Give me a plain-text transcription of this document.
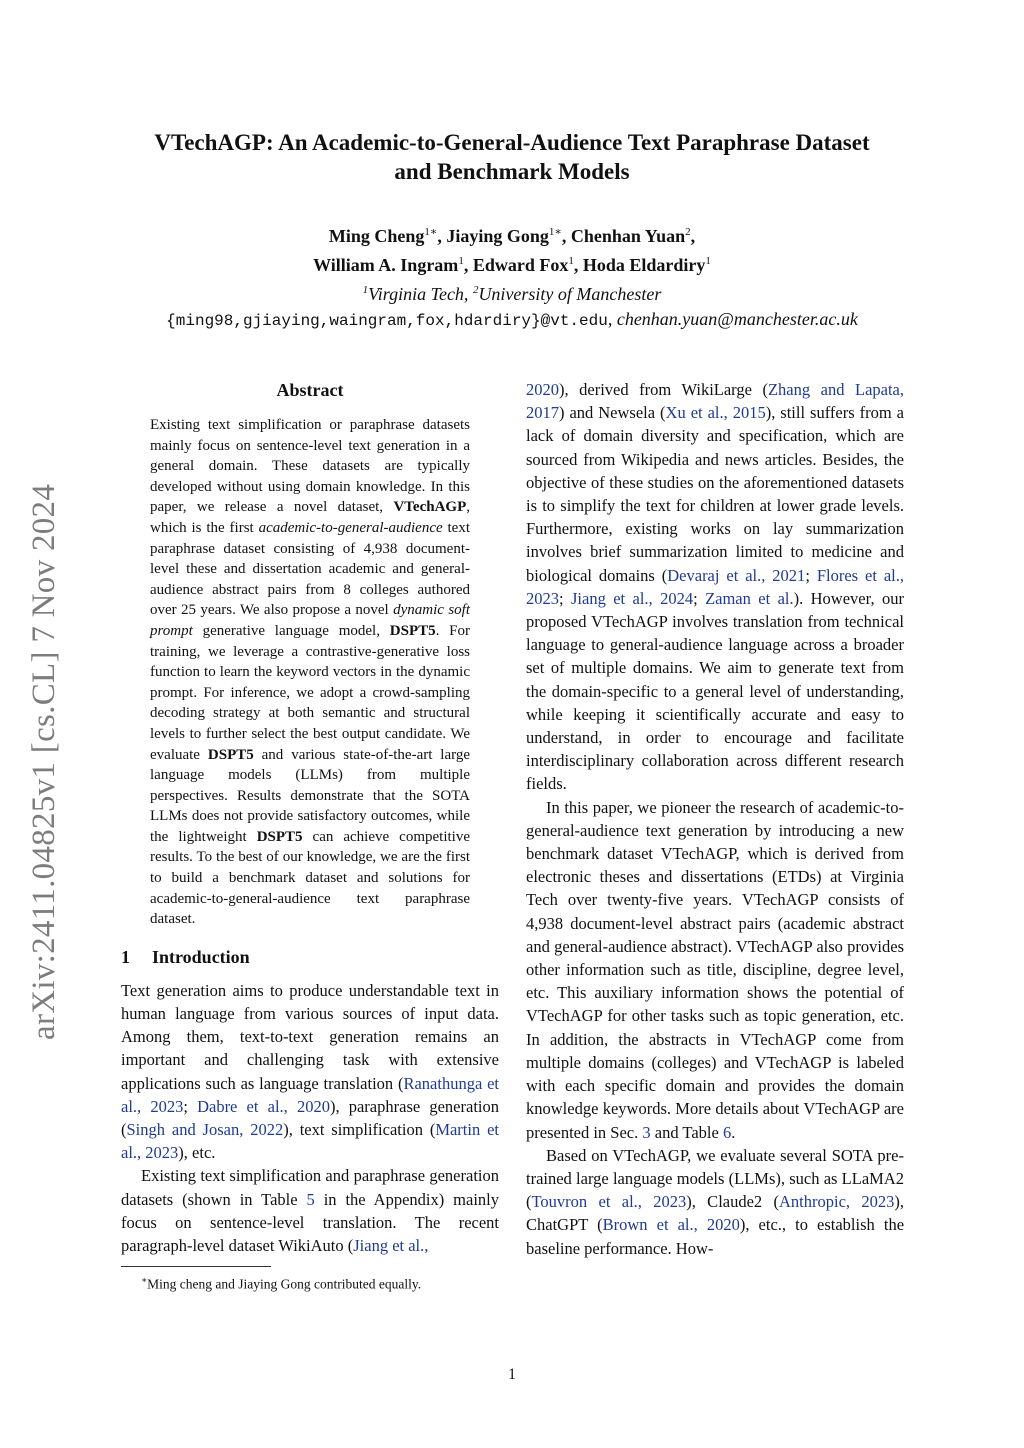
arXiv:2411.04825v1 [cs.CL] 7 Nov 2024
VTechAGP: An Academic-to-General-Audience Text Paraphrase Dataset
and Benchmark Models
Ming Cheng$^{1∗}$, Jiaying Gong$^{1∗}$, Chenhan Yuan$^2$,
William A. Ingram$^1$, Edward Fox$^1$, Hoda Eldardiry$^1$
$^1$Virginia Tech, $^2$University of Manchester
{ming98,gjiaying,waingram,fox,hdardiry}@vt.edu, chenhan.yuan@manchester.ac.uk
Abstract

Existing text simplification or paraphrase datasets mainly focus on sentence-level text generation in a general domain. These datasets are typically developed without using domain knowledge. In this paper, we release a novel dataset, VTechAGP, which is the first academic-to-general-audience text paraphrase dataset consisting of 4,938 document-level these and dissertation academic and general-audience abstract pairs from 8 colleges authored over 25 years. We also propose a novel dynamic soft prompt generative language model, DSPT5. For training, we leverage a contrastive-generative loss function to learn the keyword vectors in the dynamic prompt. For inference, we adopt a crowd-sampling decoding strategy at both semantic and structural levels to further select the best output candidate. We evaluate DSPT5 and various state-of-the-art large language models (LLMs) from multiple perspectives. Results demonstrate that the SOTA LLMs does not provide satisfactory outcomes, while the lightweight DSPT5 can achieve competitive results. To the best of our knowledge, we are the first to build a benchmark dataset and solutions for academic-to-general-audience text paraphrase dataset.

1 Introduction

Text generation aims to produce understandable text in human language from various sources of input data. Among them, text-to-text generation remains an important and challenging task with extensive applications such as language translation (Ranathunga et al., 2023; Dabre et al., 2020), paraphrase generation (Singh and Josan, 2022), text simplification (Martin et al., 2023), etc.

Existing text simplification and paraphrase generation datasets (shown in Table 5 in the Appendix) mainly focus on sentence-level translation. The recent paragraph-level dataset WikiAuto (Jiang et al.,

∗Ming cheng and Jiaying Gong contributed equally.

2020), derived from WikiLarge (Zhang and Lapata, 2017) and Newsela (Xu et al., 2015), still suffers from a lack of domain diversity and specification, which are sourced from Wikipedia and news articles. Besides, the objective of these studies on the aforementioned datasets is to simplify the text for children at lower grade levels. Furthermore, existing works on lay summarization involves brief summarization limited to medicine and biological domains (Devaraj et al., 2021; Flores et al., 2023; Jiang et al., 2024; Zaman et al.). However, our proposed VTechAGP involves translation from technical language to general-audience language across a broader set of multiple domains. We aim to generate text from the domain-specific to a general level of understanding, while keeping it scientifically accurate and easy to understand, in order to encourage and facilitate interdisciplinary collaboration across different research fields.

In this paper, we pioneer the research of academic-to-general-audience text generation by introducing a new benchmark dataset VTechAGP, which is derived from electronic theses and dissertations (ETDs) at Virginia Tech over twenty-five years. VTechAGP consists of 4,938 document-level abstract pairs (academic abstract and general-audience abstract). VTechAGP also provides other information such as title, discipline, degree level, etc. This auxiliary information shows the potential of VTechAGP for other tasks such as topic generation, etc. In addition, the abstracts in VTechAGP come from multiple domains (colleges) and VTechAGP is labeled with each specific domain and provides the domain knowledge keywords. More details about VTechAGP are presented in Sec. 3 and Table 6.

Based on VTechAGP, we evaluate several SOTA pre-trained large language models (LLMs), such as LLaMA2 (Touvron et al., 2023), Claude2 (Anthropic, 2023), ChatGPT (Brown et al., 2020), etc., to establish the baseline performance. How-

1
